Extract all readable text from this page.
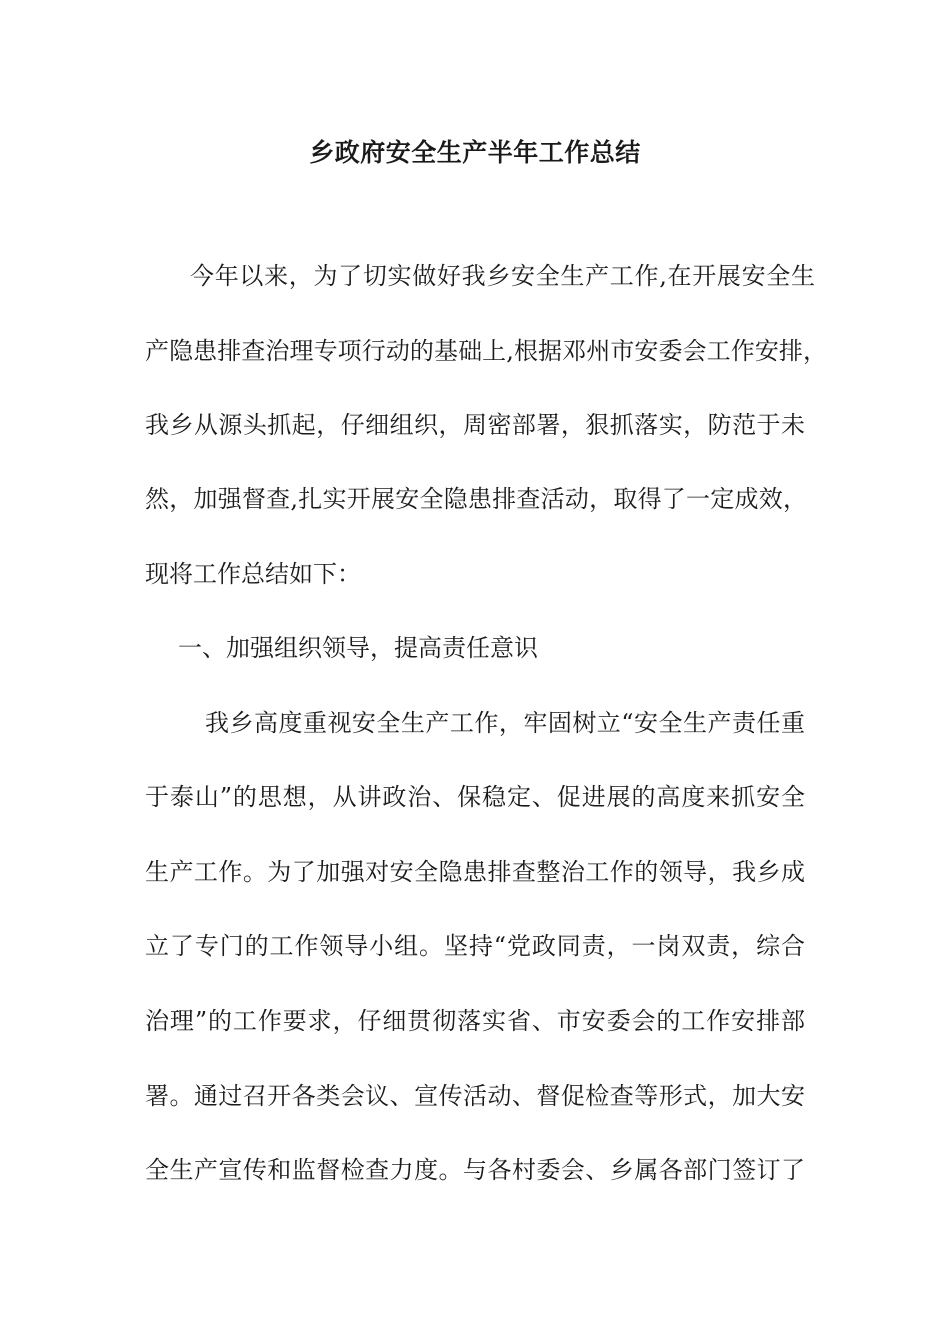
乡政府安全生产半年工作总结
今年以来，为了切实做好我乡安全生产工作,在开展安全生
产隐患排查治理专项行动的基础上,根据邓州市安委会工作安排，
我乡从源头抓起，仔细组织，周密部署，狠抓落实，防范于未
然，加强督查,扎实开展安全隐患排查活动，取得了一定成效，
现将工作总结如下：
一、加强组织领导，提高责任意识
我乡高度重视安全生产工作，牢固树立“安全生产责任重
于泰山”的思想，从讲政治、保稳定、促进展的高度来抓安全
生产工作。为了加强对安全隐患排查整治工作的领导，我乡成
立了专门的工作领导小组。坚持“党政同责，一岗双责，综合
治理”的工作要求，仔细贯彻落实省、市安委会的工作安排部
署。通过召开各类会议、宣传活动、督促检查等形式，加大安
全生产宣传和监督检查力度。与各村委会、乡属各部门签订了
